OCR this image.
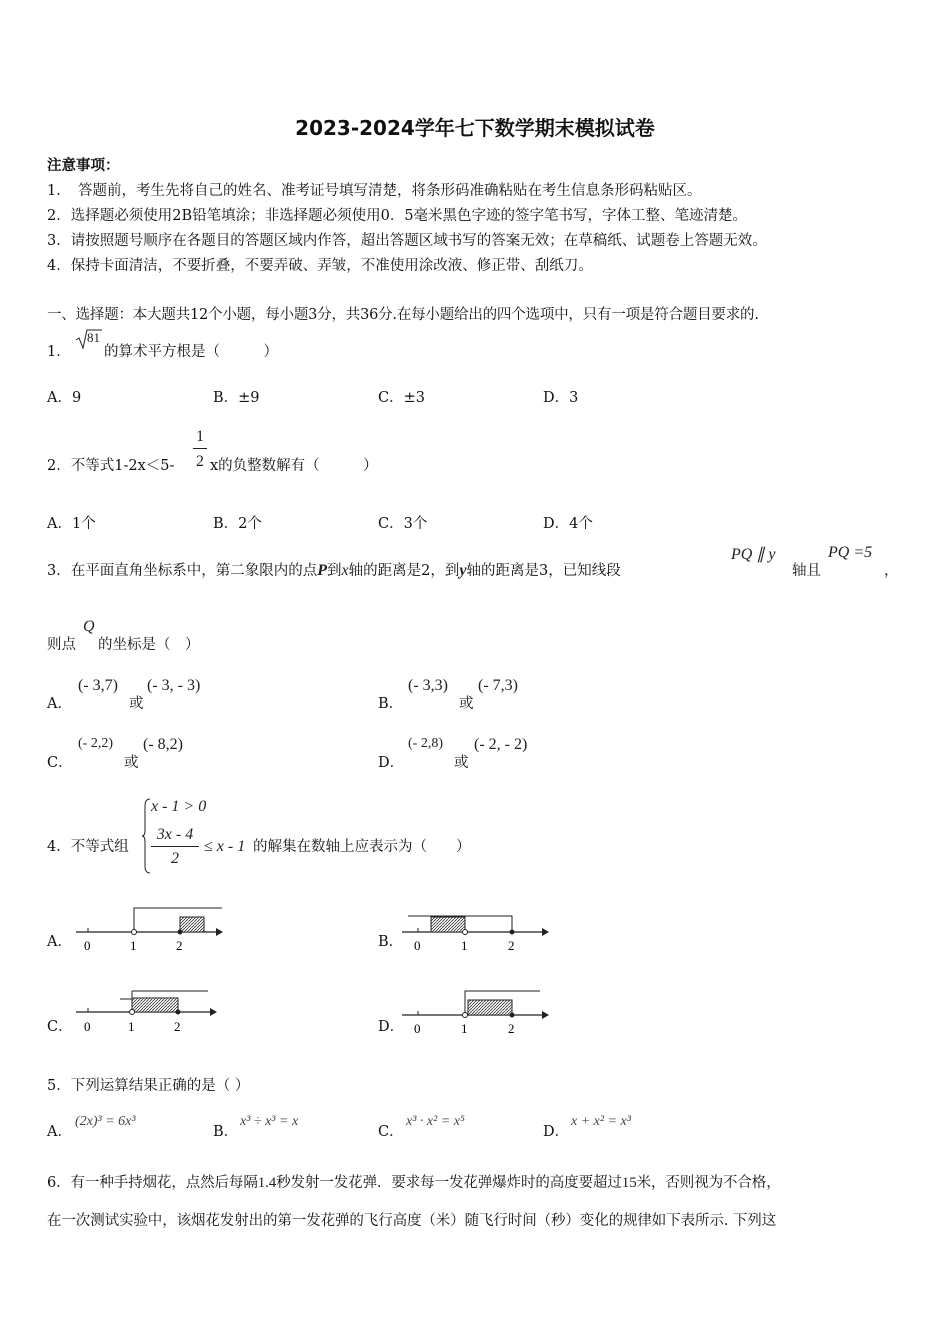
2023-2024学年七下数学期末模拟试卷
注意事项：
1．　答题前，考生先将自己的姓名、准考证号填写清楚，将条形码准确粘贴在考生信息条形码粘贴区。
2．选择题必须使用2B铅笔填涂；非选择题必须使用0．5毫米黑色字迹的签字笔书写，字体工整、笔迹清楚。
3．请按照题号顺序在各题目的答题区域内作答，超出答题区域书写的答案无效；在草稿纸、试题卷上答题无效。
4．保持卡面清洁，不要折叠，不要弄破、弄皱，不准使用涂改液、修正带、刮纸刀。
一、选择题：本大题共12个小题，每小题3分，共36分.在每小题给出的四个选项中，只有一项是符合题目要求的.
1．
81
的算术平方根是（　　　）
A．9	B．±9	C．±3	D．3
2．不等式$1-2x<5- \frac{1}{2}$ x的负整数解有（　　　）
A．1个	B．2个	C．3个	D．4个
3．在平面直角坐标系中，第二象限内的点P到x轴的距离是2，到y轴的距离是3，已知线段
PQ ∥ y
轴且
PQ =5
，
则点
Q
的坐标是（　）
A．
(- 3,7)
或
(- 3, - 3)
B．
(- 3,3)
或
(- 7,3)
C．
(- 2,2)
或
(- 8,2)
D．
(- 2,8)
或
(- 2, - 2)
4．不等式组
x - 1 > 0
$\frac{3x - 4}{2} \le x - 1$ 的解集在数轴上应表示为（　　）
A． 0	1	2	B． 0	1	2
C． 0	1	2	D． 0	1	2
5．下列运算结果正确的是（ ）
A．
(2x)³ = 6x³
B．
x³ ÷ x³ = x
C．
x³ · x² = x⁵
D．
x + x² = x³
6．有一种手持烟花，点然后每隔1.4秒发射一发花弹．要求每一发花弹爆炸时的高度要超过15米，否则视为不合格，
在一次测试实验中，该烟花发射出的第一发花弹的飞行高度（米）随飞行时间（秒）变化的规律如下表所示. 下列这
